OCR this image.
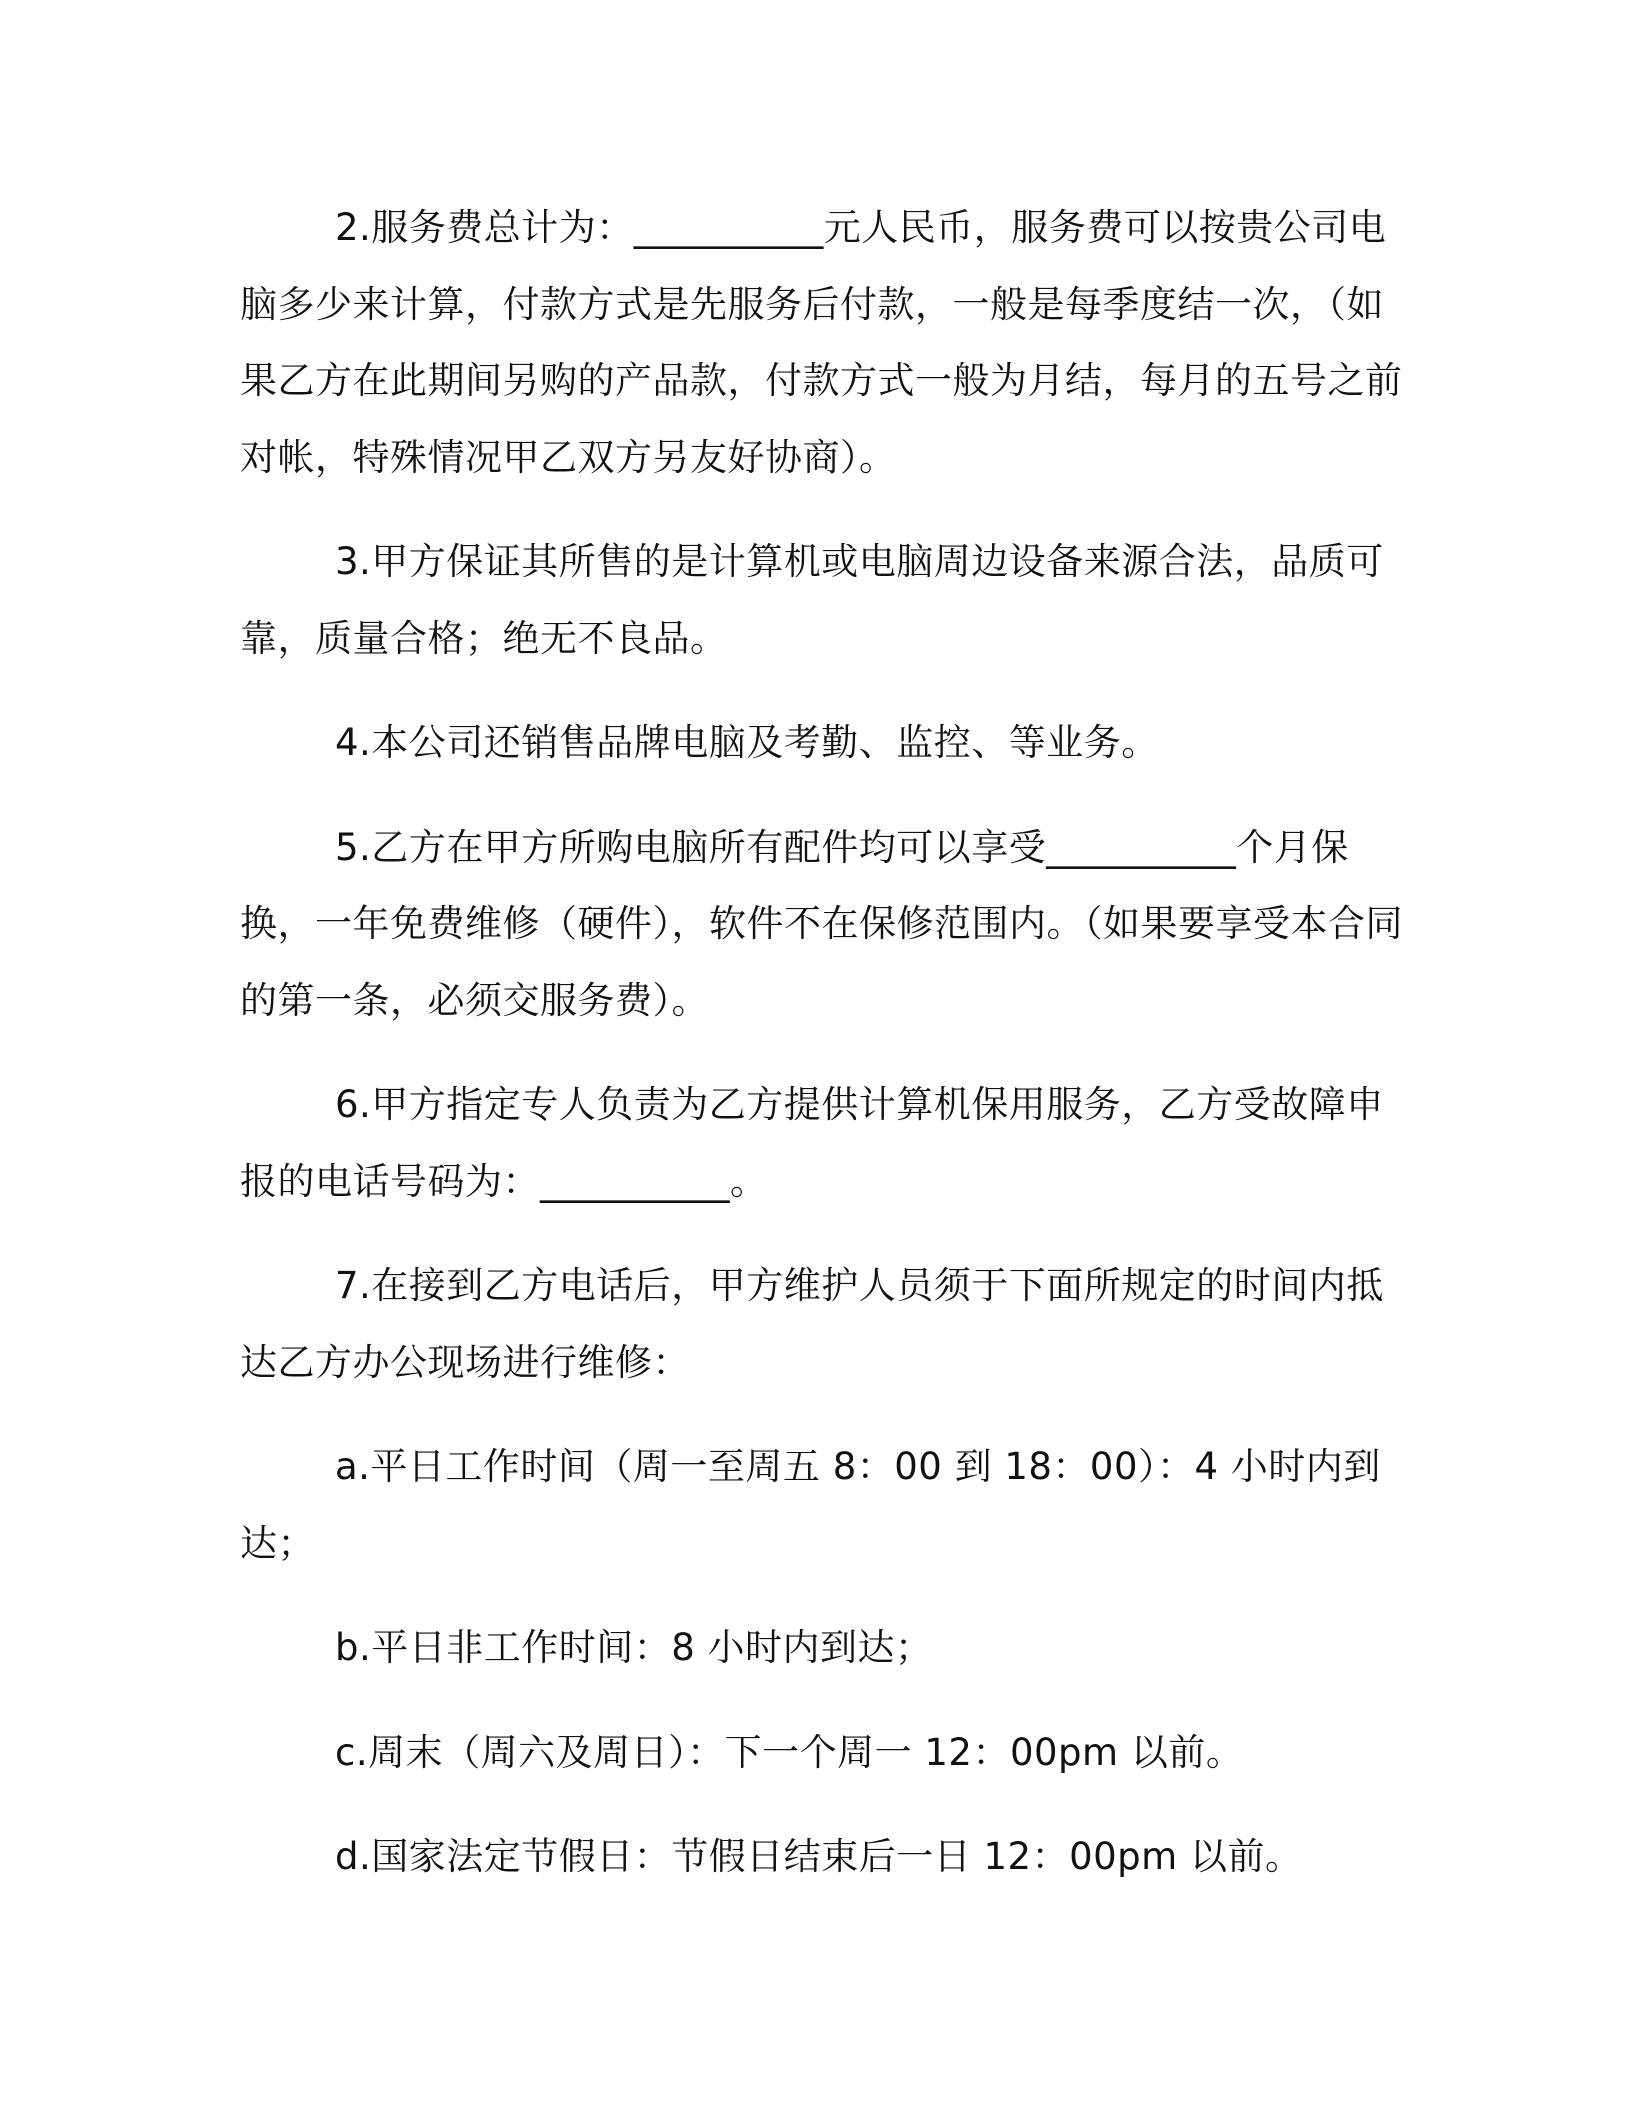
2.服务费总计为：__________元人民币，服务费可以按贵公司电脑多少来计算，付款方式是先服务后付款，一般是每季度结一次，（如果乙方在此期间另购的产品款，付款方式一般为月结，每月的五号之前对帐，特殊情况甲乙双方另友好协商）。

3.甲方保证其所售的是计算机或电脑周边设备来源合法，品质可靠，质量合格；绝无不良品。

4.本公司还销售品牌电脑及考勤、监控、等业务。

5.乙方在甲方所购电脑所有配件均可以享受__________个月保换，一年免费维修（硬件），软件不在保修范围内。（如果要享受本合同的第一条，必须交服务费）。

6.甲方指定专人负责为乙方提供计算机保用服务，乙方受故障申报的电话号码为：__________。

7.在接到乙方电话后，甲方维护人员须于下面所规定的时间内抵达乙方办公现场进行维修：

a.平日工作时间（周一至周五 8：00 到 18：00）：4 小时内到达；

b.平日非工作时间：8 小时内到达；

c.周末（周六及周日）：下一个周一 12：00pm 以前。

d.国家法定节假日：节假日结束后一日 12：00pm 以前。
